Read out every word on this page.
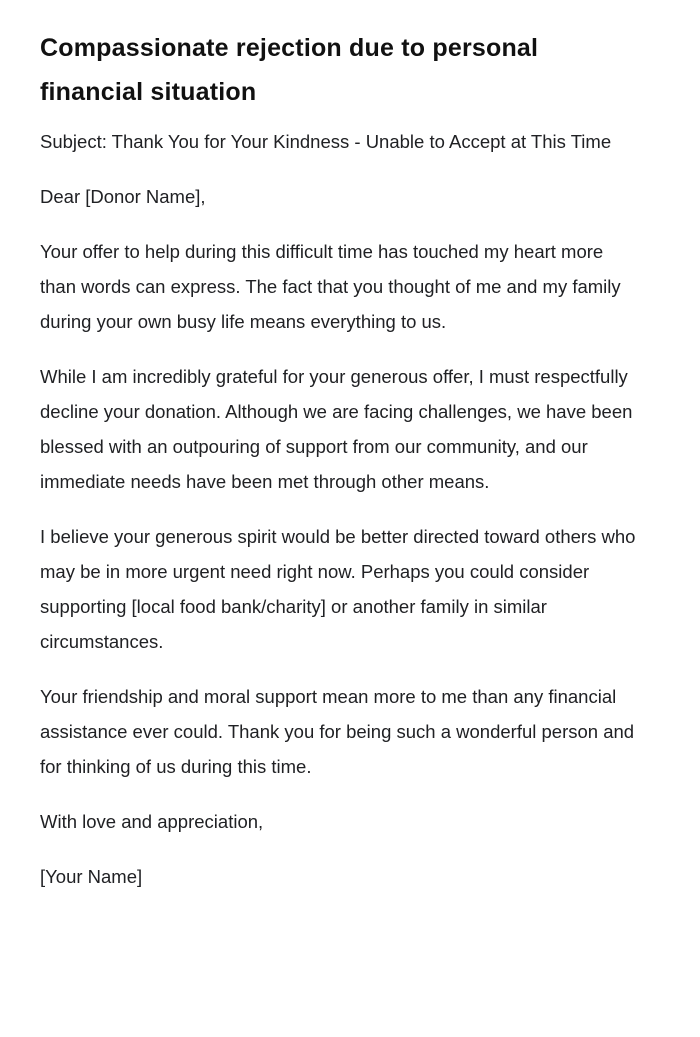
Compassionate rejection due to personal financial situation

Subject: Thank You for Your Kindness - Unable to Accept at This Time

Dear [Donor Name],

Your offer to help during this difficult time has touched my heart more than words can express. The fact that you thought of me and my family during your own busy life means everything to us.

While I am incredibly grateful for your generous offer, I must respectfully decline your donation. Although we are facing challenges, we have been blessed with an outpouring of support from our community, and our immediate needs have been met through other means.

I believe your generous spirit would be better directed toward others who may be in more urgent need right now. Perhaps you could consider supporting [local food bank/charity] or another family in similar circumstances.

Your friendship and moral support mean more to me than any financial assistance ever could. Thank you for being such a wonderful person and for thinking of us during this time.

With love and appreciation,

[Your Name]
